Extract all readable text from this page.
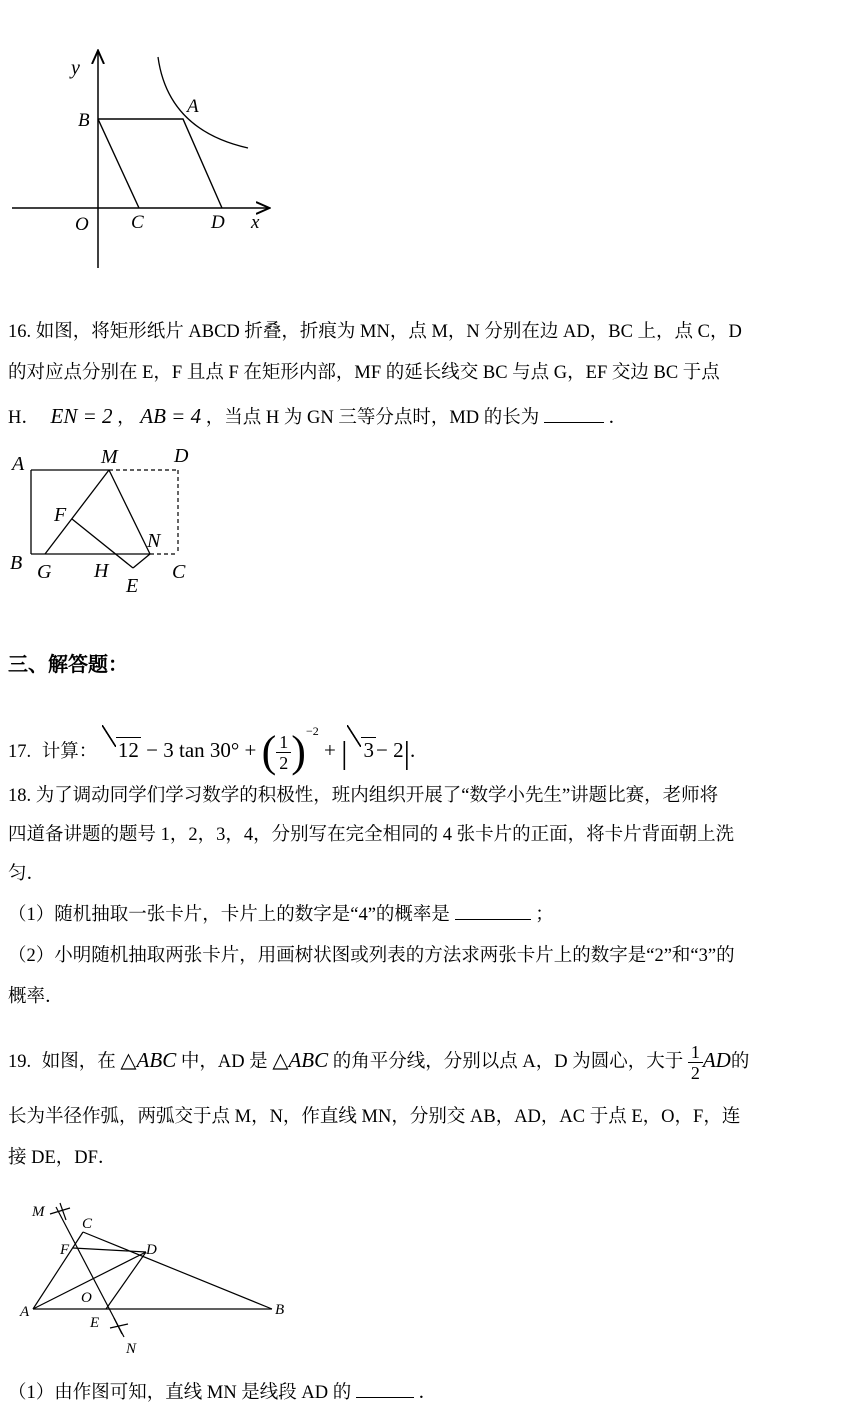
y
B
A
O C	D x
16. 如图，将矩形纸片 ABCD 折叠，折痕为 MN，点 M，N 分别在边 AD，BC 上，点 C，D
的对应点分别在 E，F 且点 F 在矩形内部，MF 的延长线交 BC 与点 G，EF 交边 BC 于点
H． EN = 2 ， AB = 4 ，当点 H 为 GN 三等分点时，MD 的长为	．
A	M	D
F
N
B G H	C
E
三、解答题：
17. 计算： 12 − 3 tan 30° + ( $\frac{1}{2} )^{-2}$ + | 3− 2|.
18. 为了调动同学们学习数学的积极性，班内组织开展了“数学小先生”讲题比赛，老师将
四道备讲题的题号 1，2，3，4，分别写在完全相同的 4 张卡片的正面，将卡片背面朝上洗
匀．
（1）随机抽取一张卡片，卡片上的数字是“4”的概率是	；
（2）小明随机抽取两张卡片，用画树状图或列表的方法求两张卡片上的数字是“2”和“3”的
概率．
19. 如图，在 △ABC 中，AD 是 △ABC 的角平分线，分别以点 A，D 为圆心，大于 $\frac{1}{2}$ AD的
长为半径作弧，两弧交于点 M，N，作直线 MN，分别交 AB，AD，AC 于点 E，O，F，连
接 DE，DF．
M
C
F	D
A
O
E
B
N
（1）由作图可知，直线 MN 是线段 AD 的	．
